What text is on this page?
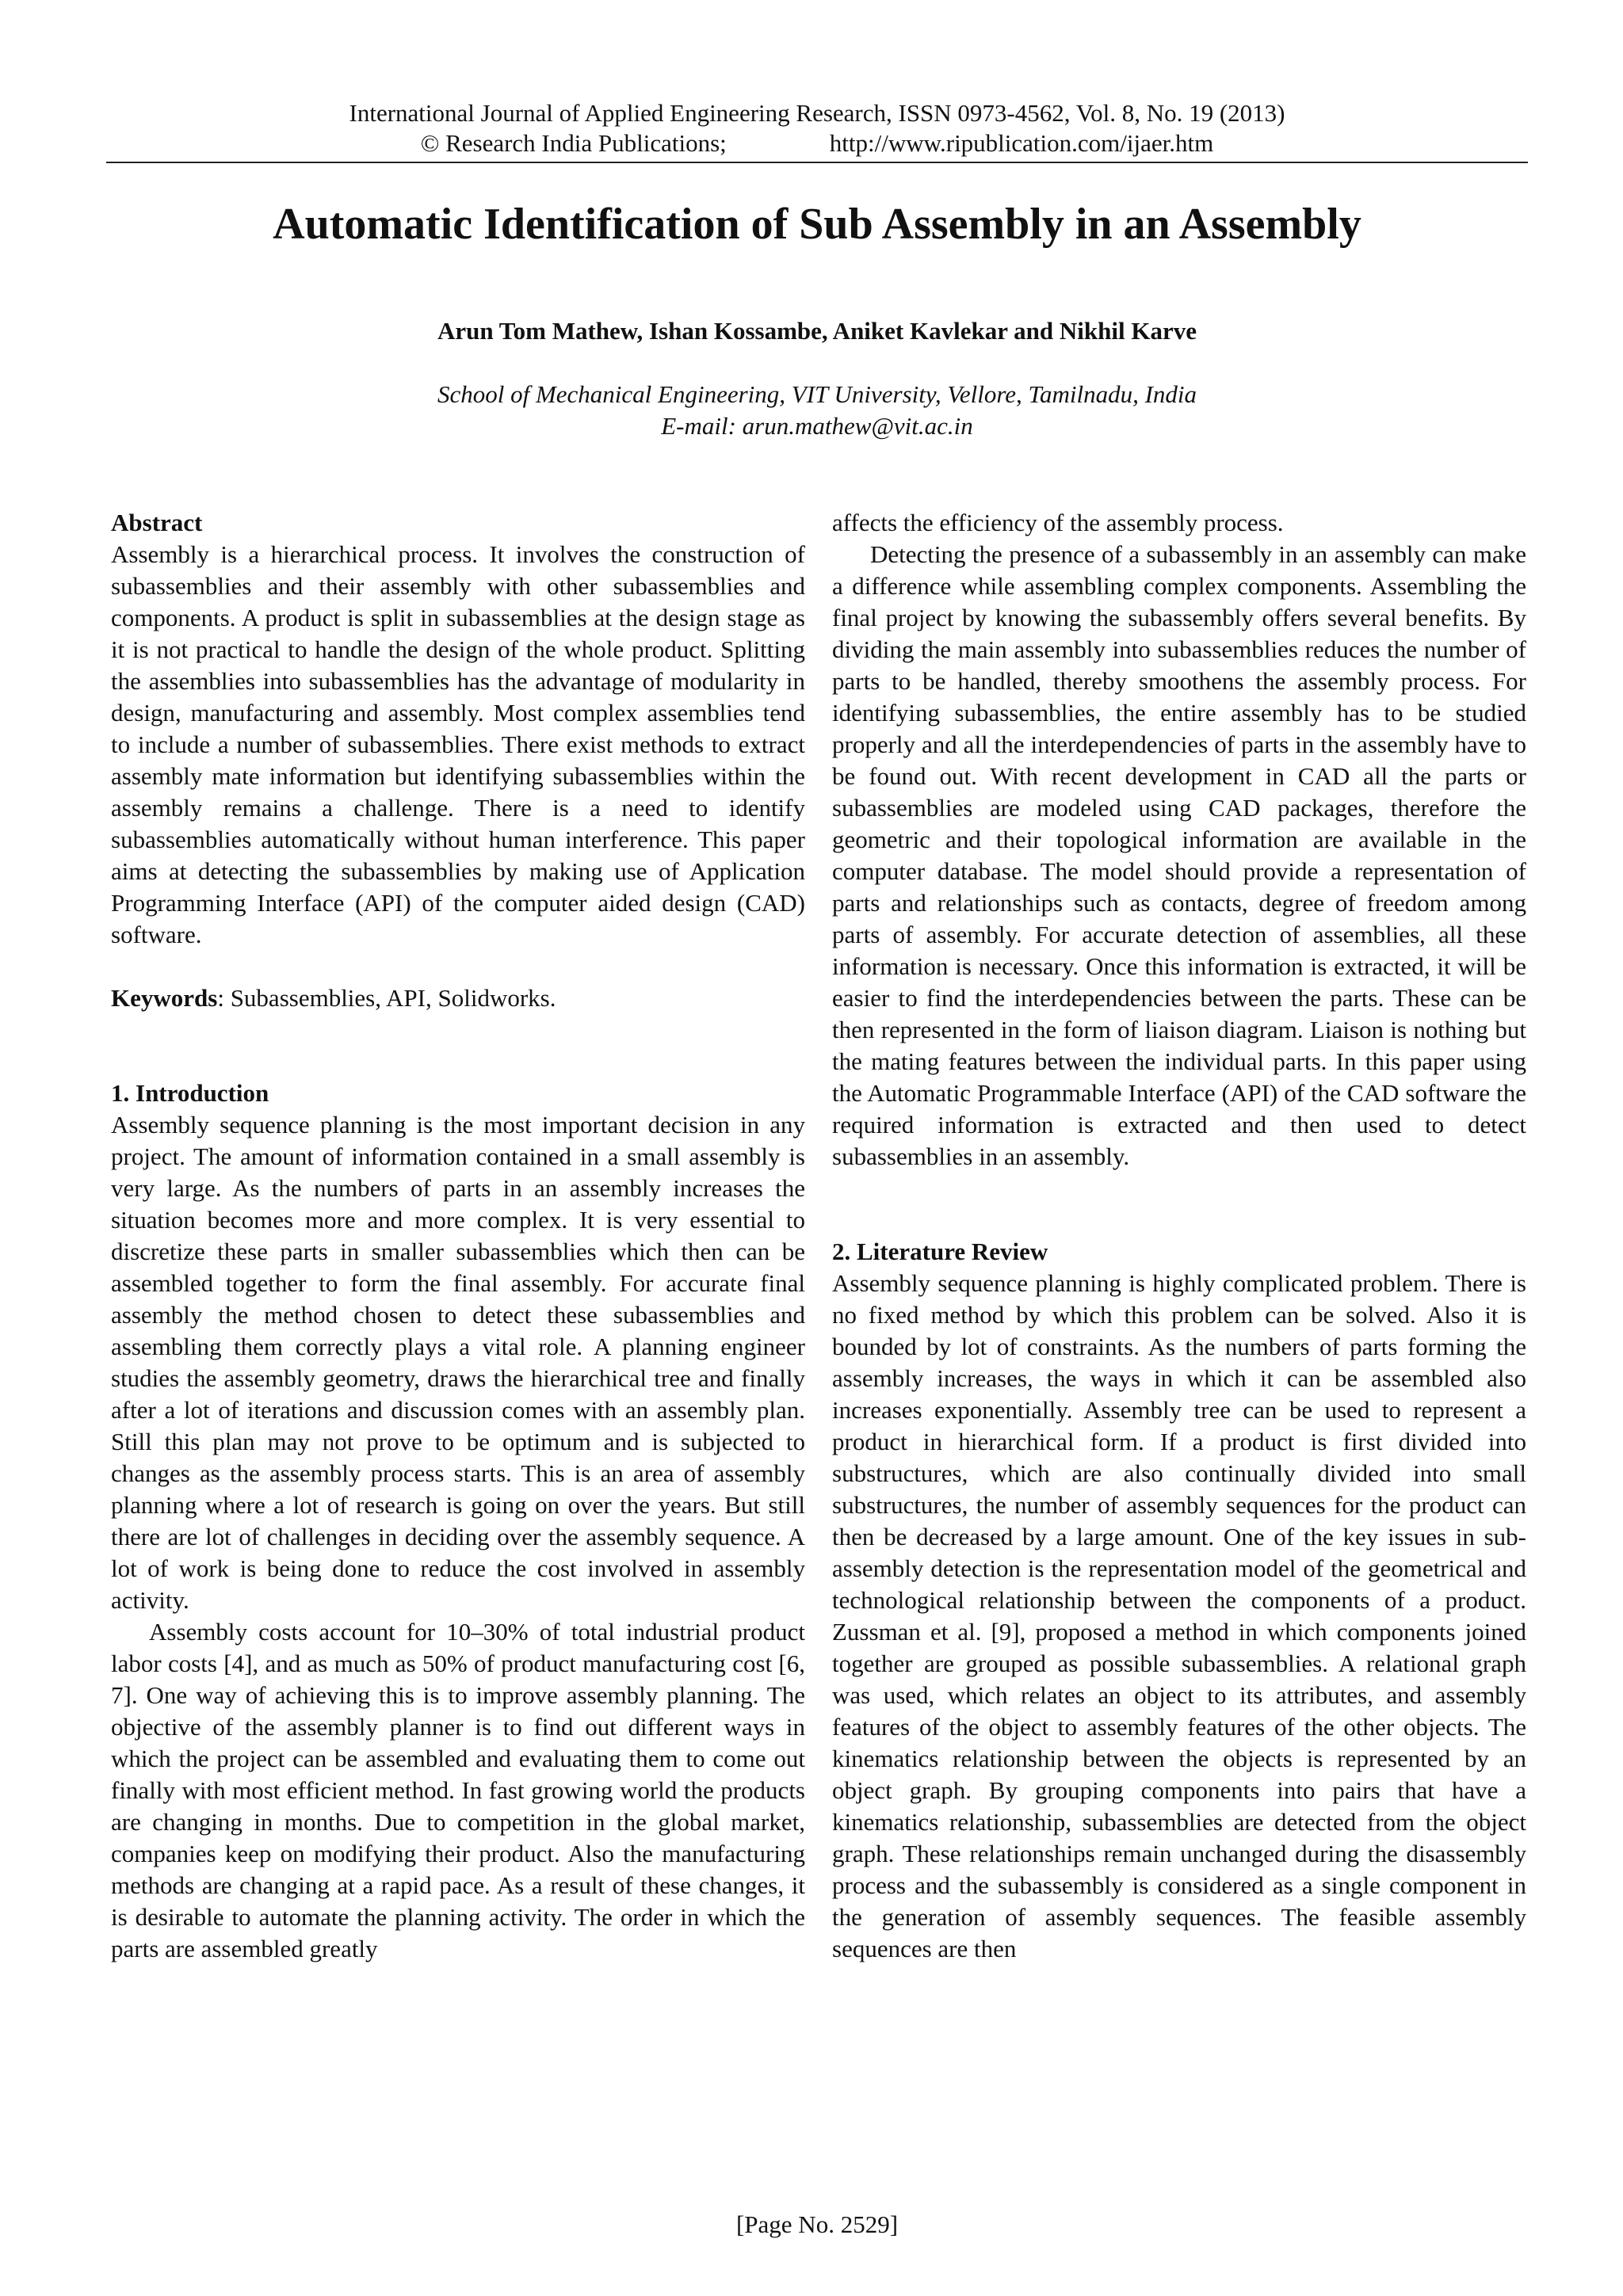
International Journal of Applied Engineering Research, ISSN 0973-4562, Vol. 8, No. 19 (2013)
© Research India Publications;	http://www.ripublication.com/ijaer.htm
Automatic Identification of Sub Assembly in an Assembly
Arun Tom Mathew, Ishan Kossambe, Aniket Kavlekar and Nikhil Karve
School of Mechanical Engineering, VIT University, Vellore, Tamilnadu, India
E-mail: arun.mathew@vit.ac.in
Abstract

Assembly is a hierarchical process. It involves the construction of subassemblies and their assembly with other subassemblies and components. A product is split in subassemblies at the design stage as it is not practical to handle the design of the whole product. Splitting the assemblies into subassemblies has the advantage of modularity in design, manufacturing and assembly. Most complex assemblies tend to include a number of subassemblies. There exist methods to extract assembly mate information but identifying subassemblies within the assembly remains a challenge. There is a need to identify subassemblies automatically without human interference. This paper aims at detecting the subassemblies by making use of Application Programming Interface (API) of the computer aided design (CAD) software.

Keywords: Subassemblies, API, Solidworks.

1. Introduction

Assembly sequence planning is the most important decision in any project. The amount of information contained in a small assembly is very large. As the numbers of parts in an assembly increases the situation becomes more and more complex. It is very essential to discretize these parts in smaller subassemblies which then can be assembled together to form the final assembly. For accurate final assembly the method chosen to detect these subassemblies and assembling them correctly plays a vital role. A planning engineer studies the assembly geometry, draws the hierarchical tree and finally after a lot of iterations and discussion comes with an assembly plan. Still this plan may not prove to be optimum and is subjected to changes as the assembly process starts. This is an area of assembly planning where a lot of research is going on over the years. But still there are lot of challenges in deciding over the assembly sequence. A lot of work is being done to reduce the cost involved in assembly activity.

Assembly costs account for 10–30% of total industrial product labor costs [4], and as much as 50% of product manufacturing cost [6, 7]. One way of achieving this is to improve assembly planning. The objective of the assembly planner is to find out different ways in which the project can be assembled and evaluating them to come out finally with most efficient method. In fast growing world the products are changing in months. Due to competition in the global market, companies keep on modifying their product. Also the manufacturing methods are changing at a rapid pace. As a result of these changes, it is desirable to automate the planning activity. The order in which the parts are assembled greatly

affects the efficiency of the assembly process.

Detecting the presence of a subassembly in an assembly can make a difference while assembling complex components. Assembling the final project by knowing the subassembly offers several benefits. By dividing the main assembly into subassemblies reduces the number of parts to be handled, thereby smoothens the assembly process. For identifying subassemblies, the entire assembly has to be studied properly and all the interdependencies of parts in the assembly have to be found out. With recent development in CAD all the parts or subassemblies are modeled using CAD packages, therefore the geometric and their topological information are available in the computer database. The model should provide a representation of parts and relationships such as contacts, degree of freedom among parts of assembly. For accurate detection of assemblies, all these information is necessary. Once this information is extracted, it will be easier to find the interdependencies between the parts. These can be then represented in the form of liaison diagram. Liaison is nothing but the mating features between the individual parts. In this paper using the Automatic Programmable Interface (API) of the CAD software the required information is extracted and then used to detect subassemblies in an assembly.

2. Literature Review

Assembly sequence planning is highly complicated problem. There is no fixed method by which this problem can be solved. Also it is bounded by lot of constraints. As the numbers of parts forming the assembly increases, the ways in which it can be assembled also increases exponentially. Assembly tree can be used to represent a product in hierarchical form. If a product is first divided into substructures, which are also continually divided into small substructures, the number of assembly sequences for the product can then be decreased by a large amount. One of the key issues in sub-assembly detection is the representation model of the geometrical and technological relationship between the components of a product. Zussman et al. [9], proposed a method in which components joined together are grouped as possible subassemblies. A relational graph was used, which relates an object to its attributes, and assembly features of the object to assembly features of the other objects. The kinematics relationship between the objects is represented by an object graph. By grouping components into pairs that have a kinematics relationship, subassemblies are detected from the object graph. These relationships remain unchanged during the disassembly process and the subassembly is considered as a single component in the generation of assembly sequences. The feasible assembly sequences are then

[Page No. 2529]
